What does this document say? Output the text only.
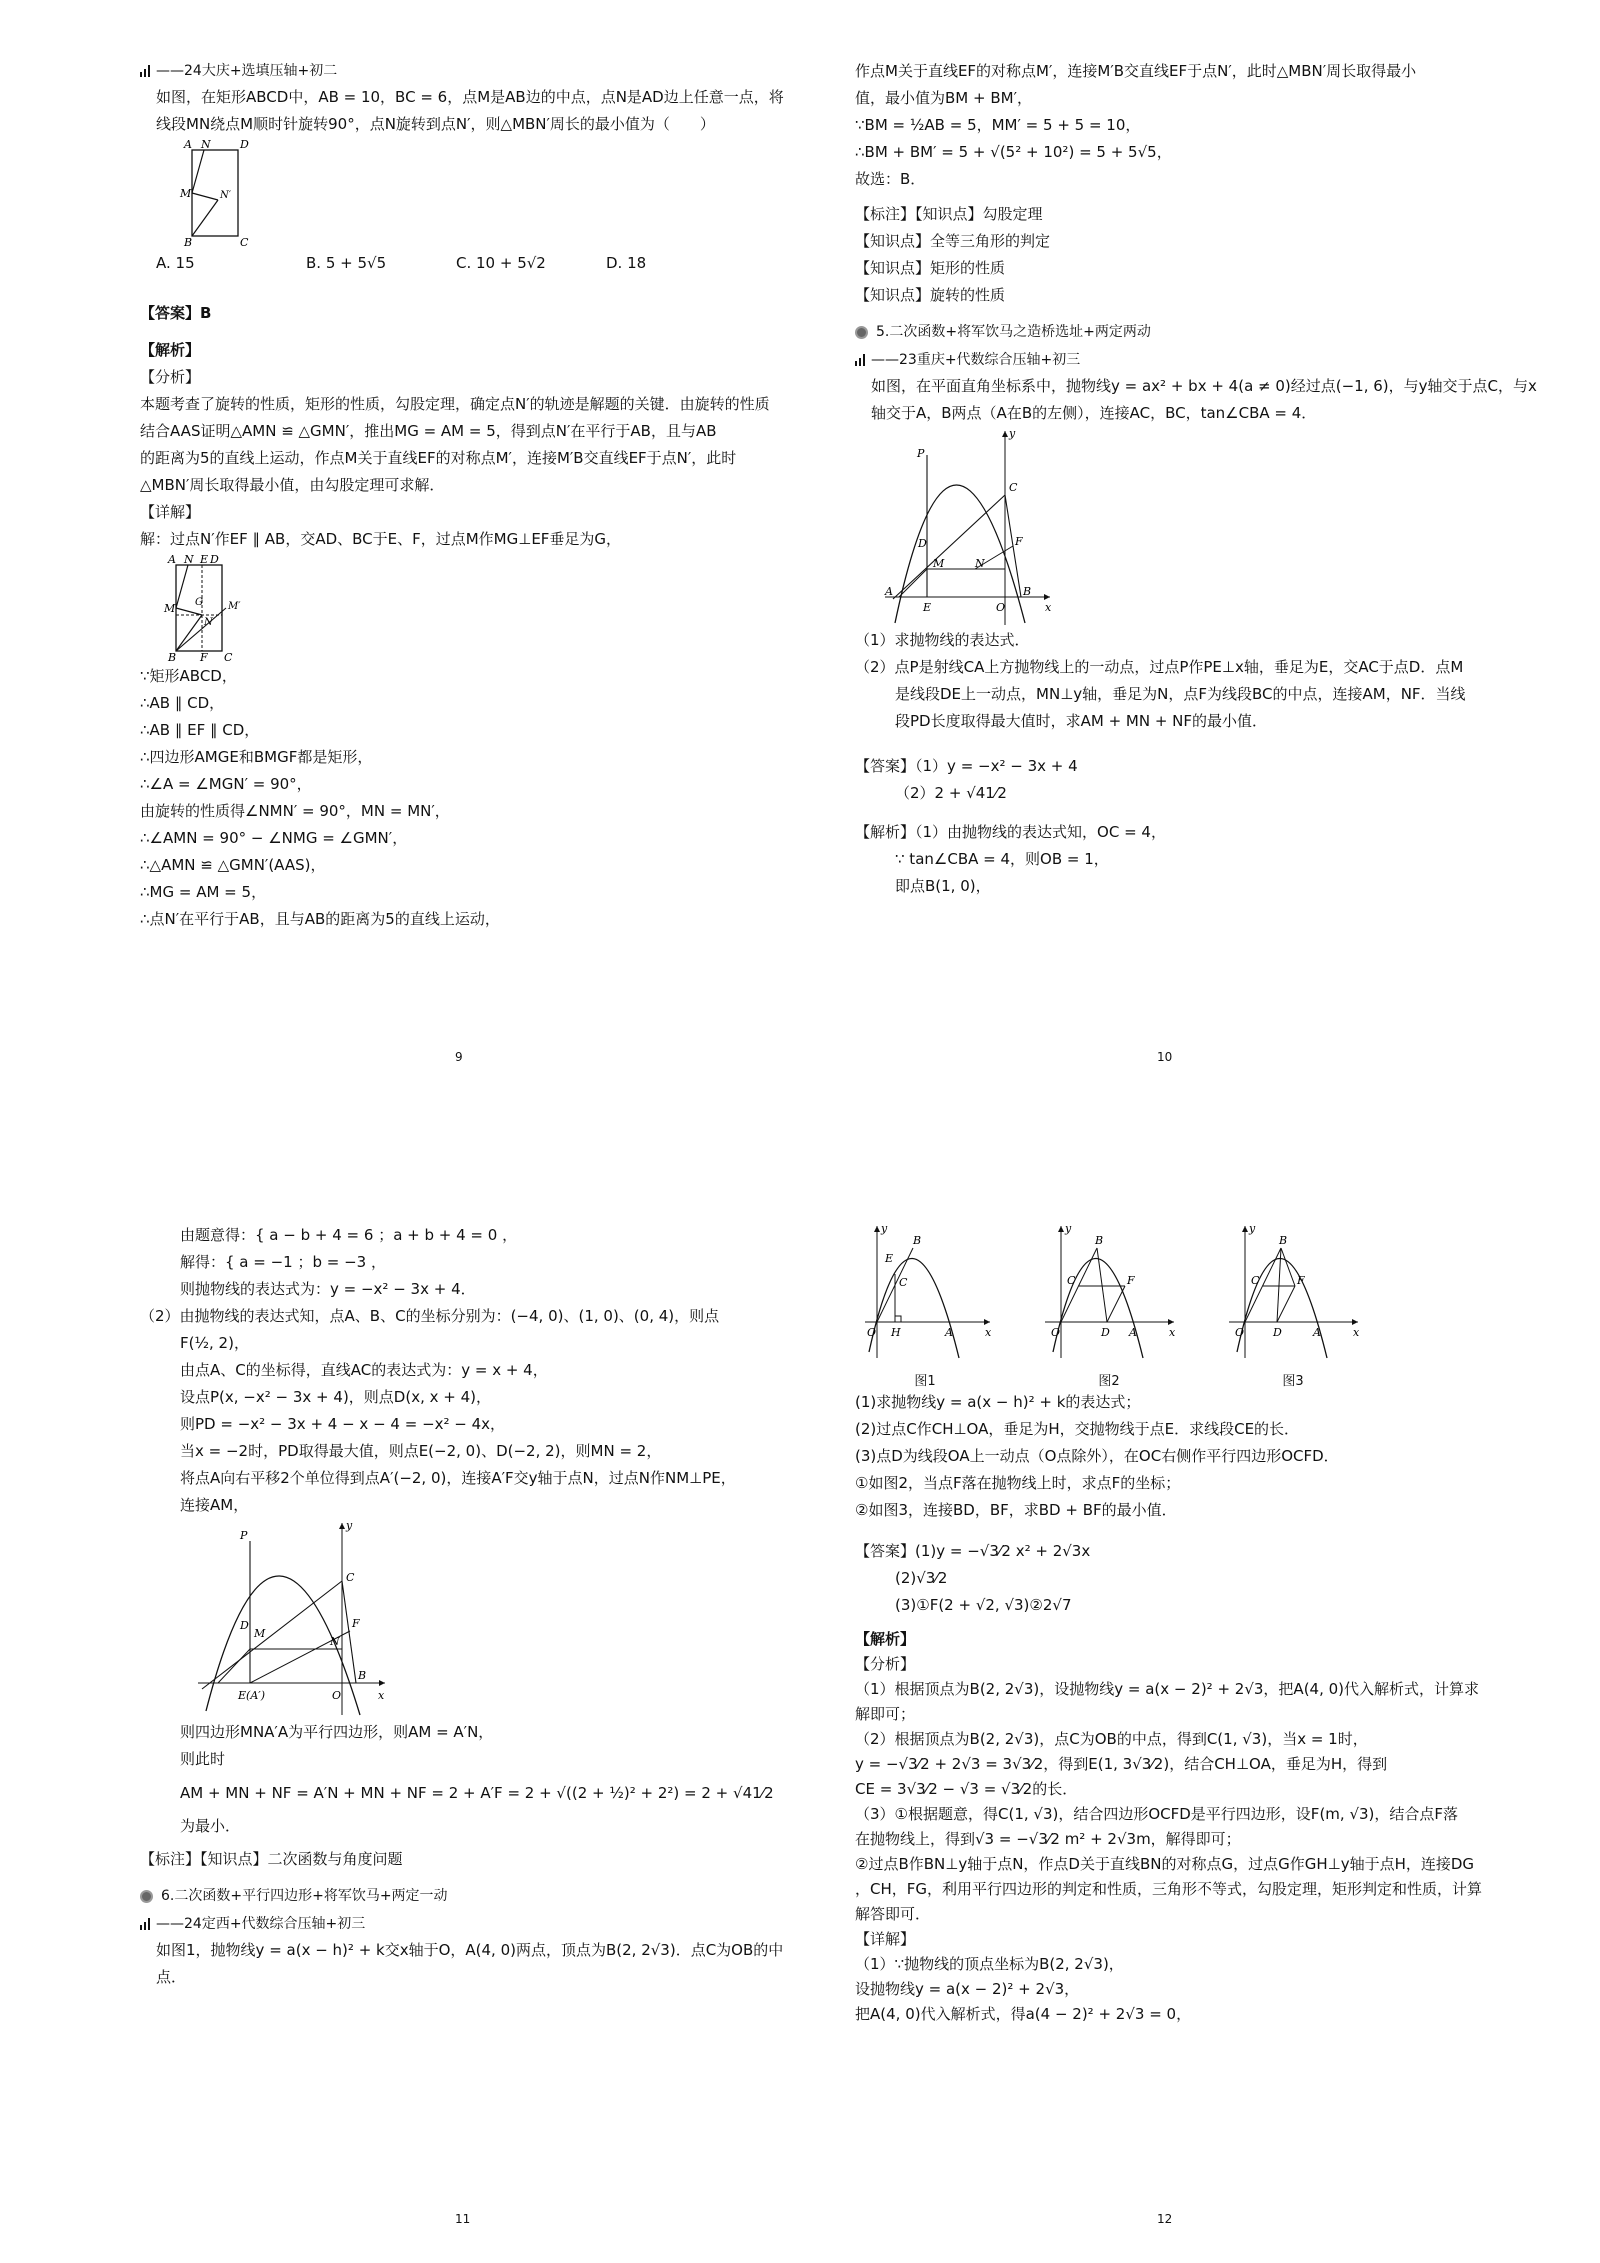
——24大庆+选填压轴+初二
如图，在矩形ABCD中，AB = 10，BC = 6，点M是AB边的中点，点N是AD边上任意一点，将
线段MN绕点M顺时针旋转90°，点N旋转到点N′，则△MBN′周长的最小值为（　　）
A N	D
M	N′
B	C
A. 15	B. 5 + 5√5	C. 10 + 5√2	D. 18
【答案】B
【解析】
【分析】
本题考查了旋转的性质，矩形的性质，勾股定理，确定点N′的轨迹是解题的关键．由旋转的性质
结合AAS证明△AMN ≌ △GMN′，推出MG = AM = 5，得到点N′在平行于AB，且与AB
的距离为5的直线上运动，作点M关于直线EF的对称点M′，连接M′B交直线EF于点N′，此时
△MBN′周长取得最小值，由勾股定理可求解．
【详解】
解：过点N′作EF ∥ AB，交AD、BC于E、F，过点M作MG⊥EF垂足为G，
A N E D
M G	M′
N′
B F C
∵矩形ABCD，
∴AB ∥ CD，
∴AB ∥ EF ∥ CD，
∴四边形AMGE和BMGF都是矩形，
∴∠A = ∠MGN′ = 90°，
由旋转的性质得∠NMN′ = 90°，MN = MN′，
∴∠AMN = 90° − ∠NMG = ∠GMN′，
∴△AMN ≌ △GMN′(AAS)，
∴MG = AM = 5，
∴点N′在平行于AB，且与AB的距离为5的直线上运动，
9
作点M关于直线EF的对称点M′，连接M′B交直线EF于点N′，此时△MBN′周长取得最小
值，最小值为BM + BM′，
∵BM = ½AB = 5，MM′ = 5 + 5 = 10，
∴BM + BM′ = 5 + √(5² + 10²) = 5 + 5√5，
故选：B．
【标注】【知识点】勾股定理
【知识点】全等三角形的判定
【知识点】矩形的性质
【知识点】旋转的性质
5.二次函数+将军饮马之造桥选址+两定两动
——23重庆+代数综合压轴+初三
如图，在平面直角坐标系中，抛物线y = ax² + bx + 4(a ≠ 0)经过点(−1, 6)，与y轴交于点C，与x
轴交于A，B两点（A在B的左侧），连接AC，BC，tan∠CBA = 4．
y
x
P
C
D	F
M	N
A
E	O
B
（1）求抛物线的表达式．
（2）点P是射线CA上方抛物线上的一动点，过点P作PE⊥x轴，垂足为E，交AC于点D．点M
是线段DE上一动点，MN⊥y轴，垂足为N，点F为线段BC的中点，连接AM，NF．当线
段PD长度取得最大值时，求AM + MN + NF的最小值．
【答案】（1）y = −x² − 3x + 4
（2）2 + √41⁄2
【解析】（1）由抛物线的表达式知，OC = 4，
∵ tan∠CBA = 4，则OB = 1，
即点B(1, 0)，
10
由题意得：{ a − b + 4 = 6 ；a + b + 4 = 0 ，
解得：{ a = −1 ；b = −3 ，
则抛物线的表达式为：y = −x² − 3x + 4．
（2）由抛物线的表达式知，点A、B、C的坐标分别为：(−4, 0)、(1, 0)、(0, 4)，则点
F(½, 2)，
由点A、C的坐标得，直线AC的表达式为：y = x + 4，
设点P(x, −x² − 3x + 4)，则点D(x, x + 4)，
则PD = −x² − 3x + 4 − x − 4 = −x² − 4x，
当x = −2时，PD取得最大值，则点E(−2, 0)、D(−2, 2)，则MN = 2，
将点A向右平移2个单位得到点A′(−2, 0)，连接A′F交y轴于点N，过点N作NM⊥PE，
连接AM，
y
x
P
C
D
M
F
N
E(A′)	O
B
则四边形MNA′A为平行四边形，则AM = A′N，
则此时
AM + MN + NF = A′N + MN + NF = 2 + A′F = 2 + √((2 + ½)² + 2²) = 2 + √41⁄2
为最小．
【标注】【知识点】二次函数与角度问题
6.二次函数+平行四边形+将军饮马+两定一动
——24定西+代数综合压轴+初三
如图1，抛物线y = a(x − h)² + k交x轴于O，A(4, 0)两点，顶点为B(2, 2√3)．点C为OB的中
点．
11
y
x
B
E
C
O H	A
图1
y
x
B
C	F
O	D A
图2
y
x
B
C	F
O	D	A
图3
(1)求抛物线y = a(x − h)² + k的表达式；
(2)过点C作CH⊥OA，垂足为H，交抛物线于点E．求线段CE的长．
(3)点D为线段OA上一动点（O点除外），在OC右侧作平行四边形OCFD．
①如图2，当点F落在抛物线上时，求点F的坐标；
②如图3，连接BD，BF，求BD + BF的最小值．
【答案】(1)y = −√3⁄2 x² + 2√3x
(2)√3⁄2
(3)①F(2 + √2, √3)②2√7
【解析】
【分析】
（1）根据顶点为B(2, 2√3)，设抛物线y = a(x − 2)² + 2√3，把A(4, 0)代入解析式，计算求
解即可；
（2）根据顶点为B(2, 2√3)，点C为OB的中点，得到C(1, √3)，当x = 1时，
y = −√3⁄2 + 2√3 = 3√3⁄2，得到E(1, 3√3⁄2)，结合CH⊥OA，垂足为H，得到
CE = 3√3⁄2 − √3 = √3⁄2的长．
（3）①根据题意，得C(1, √3)，结合四边形OCFD是平行四边形，设F(m, √3)，结合点F落
在抛物线上，得到√3 = −√3⁄2 m² + 2√3m，解得即可；
②过点B作BN⊥y轴于点N，作点D关于直线BN的对称点G，过点G作GH⊥y轴于点H，连接DG
，CH，FG，利用平行四边形的判定和性质，三角形不等式，勾股定理，矩形判定和性质，计算
解答即可．
【详解】
（1）∵抛物线的顶点坐标为B(2, 2√3)，
设抛物线y = a(x − 2)² + 2√3，
把A(4, 0)代入解析式，得a(4 − 2)² + 2√3 = 0，
12
